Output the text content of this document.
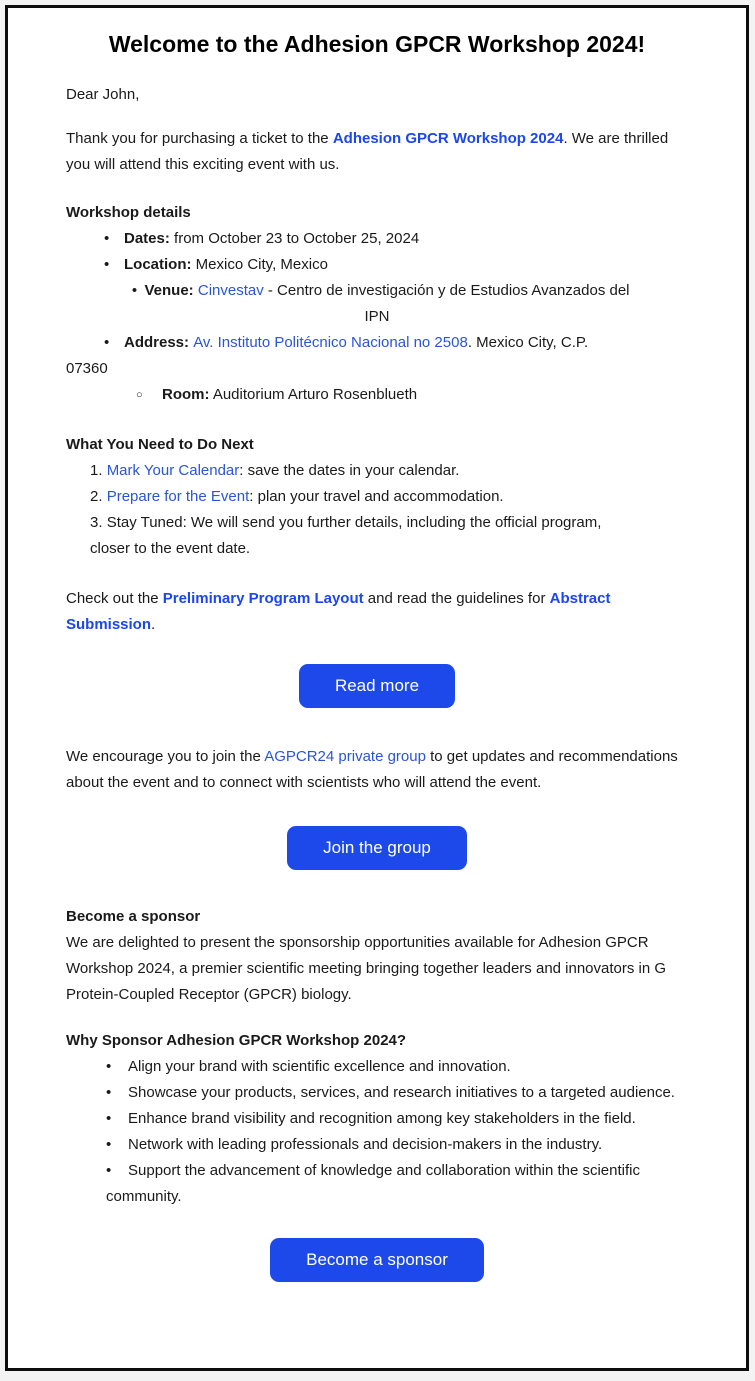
Welcome to the Adhesion GPCR Workshop 2024!

Dear John,

Thank you for purchasing a ticket to the Adhesion GPCR Workshop 2024. We are thrilled you will attend this exciting event with us.

Workshop details

• Dates: from October 23 to October 25, 2024
• Location: Mexico City, Mexico
• Venue: Cinvestav - Centro de investigación y de Estudios Avanzados del
IPN
• Address: Av. Instituto Politécnico Nacional no 2508. Mexico City, C.P.
07360
○ Room: Auditorium Arturo Rosenblueth

What You Need to Do Next

1. Mark Your Calendar: save the dates in your calendar.
2. Prepare for the Event: plan your travel and accommodation.
3. Stay Tuned: We will send you further details, including the official program,
closer to the event date.

Check out the Preliminary Program Layout and read the guidelines for Abstract Submission.

Read more

We encourage you to join the AGPCR24 private group to get updates and recommendations about the event and to connect with scientists who will attend the event.

Join the group

Become a sponsor

We are delighted to present the sponsorship opportunities available for Adhesion GPCR Workshop 2024, a premier scientific meeting bringing together leaders and innovators in G Protein-Coupled Receptor (GPCR) biology.

Why Sponsor Adhesion GPCR Workshop 2024?

• Align your brand with scientific excellence and innovation.
• Showcase your products, services, and research initiatives to a targeted audience.
• Enhance brand visibility and recognition among key stakeholders in the field.
• Network with leading professionals and decision-makers in the industry.
• Support the advancement of knowledge and collaboration within the scientific community.
Become a sponsor
